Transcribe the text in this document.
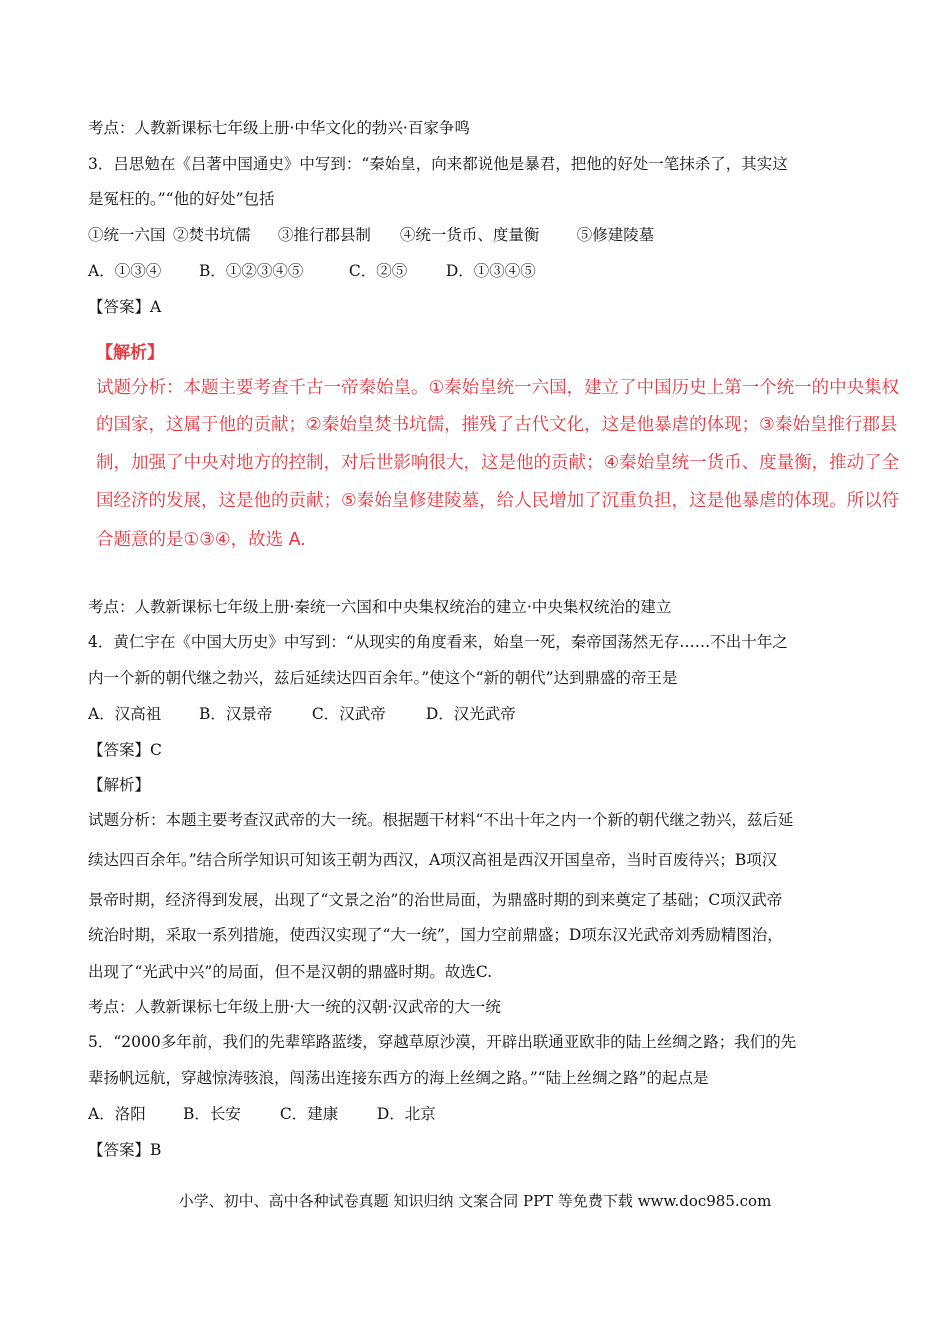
考点：人教新课标七年级上册·中华文化的勃兴·百家争鸣
3．吕思勉在《吕著中国通史》中写到：“秦始皇，向来都说他是暴君，把他的好处一笔抹杀了，其实这
是冤枉的。”“他的好处”包括
①统一六国 ②焚书坑儒 ③推行郡县制 ④统一货币、度量衡 ⑤修建陵墓
A．①③④ B．①②③④⑤	C．②⑤ D．①③④⑤
【答案】A
【解析】
试题分析：本题主要考查千古一帝秦始皇。①秦始皇统一六国，建立了中国历史上第一个统一的中央集权
的国家，这属于他的贡献；②秦始皇焚书坑儒，摧残了古代文化，这是他暴虐的体现；③秦始皇推行郡县
制，加强了中央对地方的控制，对后世影响很大，这是他的贡献；④秦始皇统一货币、度量衡，推动了全
国经济的发展，这是他的贡献；⑤秦始皇修建陵墓，给人民增加了沉重负担，这是他暴虐的体现。所以符
合题意的是①③④，故选 A.
考点：人教新课标七年级上册·秦统一六国和中央集权统治的建立·中央集权统治的建立
4．黄仁宇在《中国大历史》中写到：“从现实的角度看来，始皇一死，秦帝国荡然无存……不出十年之
内一个新的朝代继之勃兴，兹后延续达四百余年。”使这个“新的朝代”达到鼎盛的帝王是
A．汉高祖 B．汉景帝	C．汉武帝	D．汉光武帝
【答案】C
【解析】
试题分析：本题主要考查汉武帝的大一统。根据题干材料“不出十年之内一个新的朝代继之勃兴，兹后延
续达四百余年。”结合所学知识可知该王朝为西汉，A项汉高祖是西汉开国皇帝，当时百废待兴；B项汉
景帝时期，经济得到发展，出现了“文景之治”的治世局面，为鼎盛时期的到来奠定了基础；C项汉武帝
统治时期，采取一系列措施，使西汉实现了“大一统”，国力空前鼎盛；D项东汉光武帝刘秀励精图治，
出现了“光武中兴”的局面，但不是汉朝的鼎盛时期。故选C.
考点：人教新课标七年级上册·大一统的汉朝·汉武帝的大一统
5．“2000多年前，我们的先辈筚路蓝缕，穿越草原沙漠，开辟出联通亚欧非的陆上丝绸之路；我们的先
辈扬帆远航，穿越惊涛骇浪，闯荡出连接东西方的海上丝绸之路。”“陆上丝绸之路”的起点是
A．洛阳 B．长安	C．建康 D．北京
【答案】B
小学、初中、高中各种试卷真题 知识归纳 文案合同 PPT 等免费下载 www.doc985.com
